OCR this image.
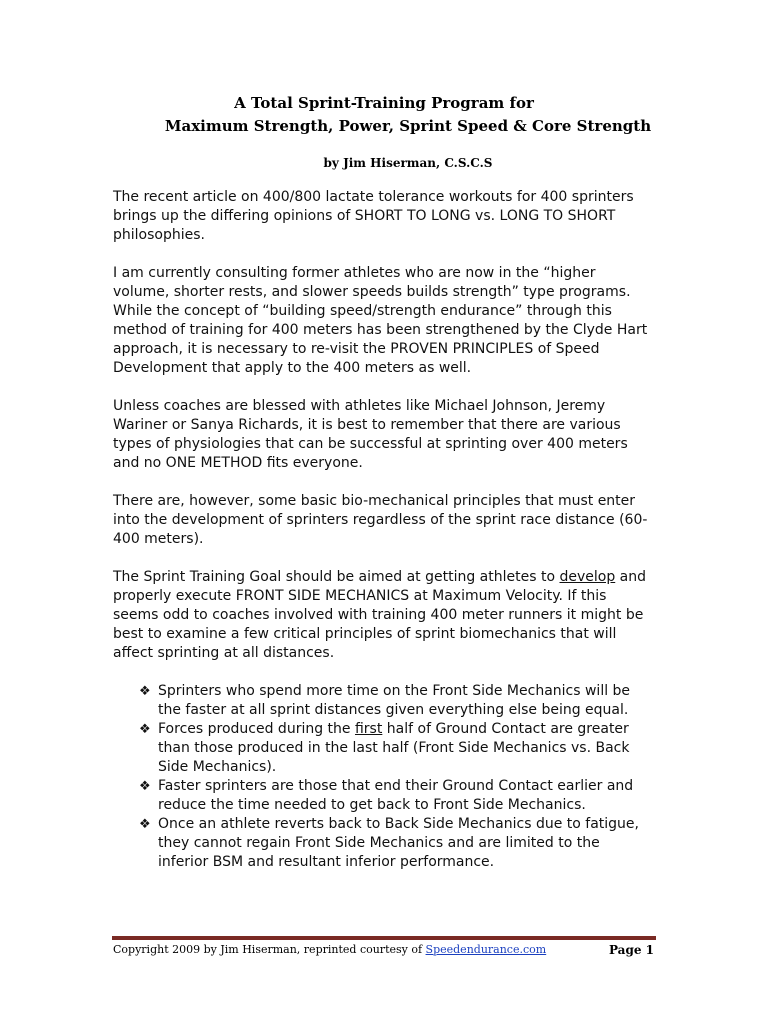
A Total Sprint-Training Program for
Maximum Strength, Power, Sprint Speed & Core Strength
by Jim Hiserman, C.S.C.S

The recent article on 400/800 lactate tolerance workouts for 400 sprinters brings up the differing opinions of SHORT TO LONG vs. LONG TO SHORT philosophies.

I am currently consulting former athletes who are now in the “higher volume, shorter rests, and slower speeds builds strength” type programs. While the concept of “building speed/strength endurance” through this method of training for 400 meters has been strengthened by the Clyde Hart approach, it is necessary to re-visit the PROVEN PRINCIPLES of Speed Development that apply to the 400 meters as well.

Unless coaches are blessed with athletes like Michael Johnson, Jeremy Wariner or Sanya Richards, it is best to remember that there are various types of physiologies that can be successful at sprinting over 400 meters and no ONE METHOD fits everyone.

There are, however, some basic bio-mechanical principles that must enter into the development of sprinters regardless of the sprint race distance (60-400 meters).

The Sprint Training Goal should be aimed at getting athletes to develop and properly execute FRONT SIDE MECHANICS at Maximum Velocity. If this seems odd to coaches involved with training 400 meter runners it might be best to examine a few critical principles of sprint biomechanics that will affect sprinting at all distances.

❖ Sprinters who spend more time on the Front Side Mechanics will be the faster at all sprint distances given everything else being equal.
❖ Forces produced during the first half of Ground Contact are greater than those produced in the last half (Front Side Mechanics vs. Back Side Mechanics).
❖ Faster sprinters are those that end their Ground Contact earlier and reduce the time needed to get back to Front Side Mechanics.
❖ Once an athlete reverts back to Back Side Mechanics due to fatigue, they cannot regain Front Side Mechanics and are limited to the inferior BSM and resultant inferior performance.
Copyright 2009 by Jim Hiserman, reprinted courtesy of Speedendurance.com	Page 1
